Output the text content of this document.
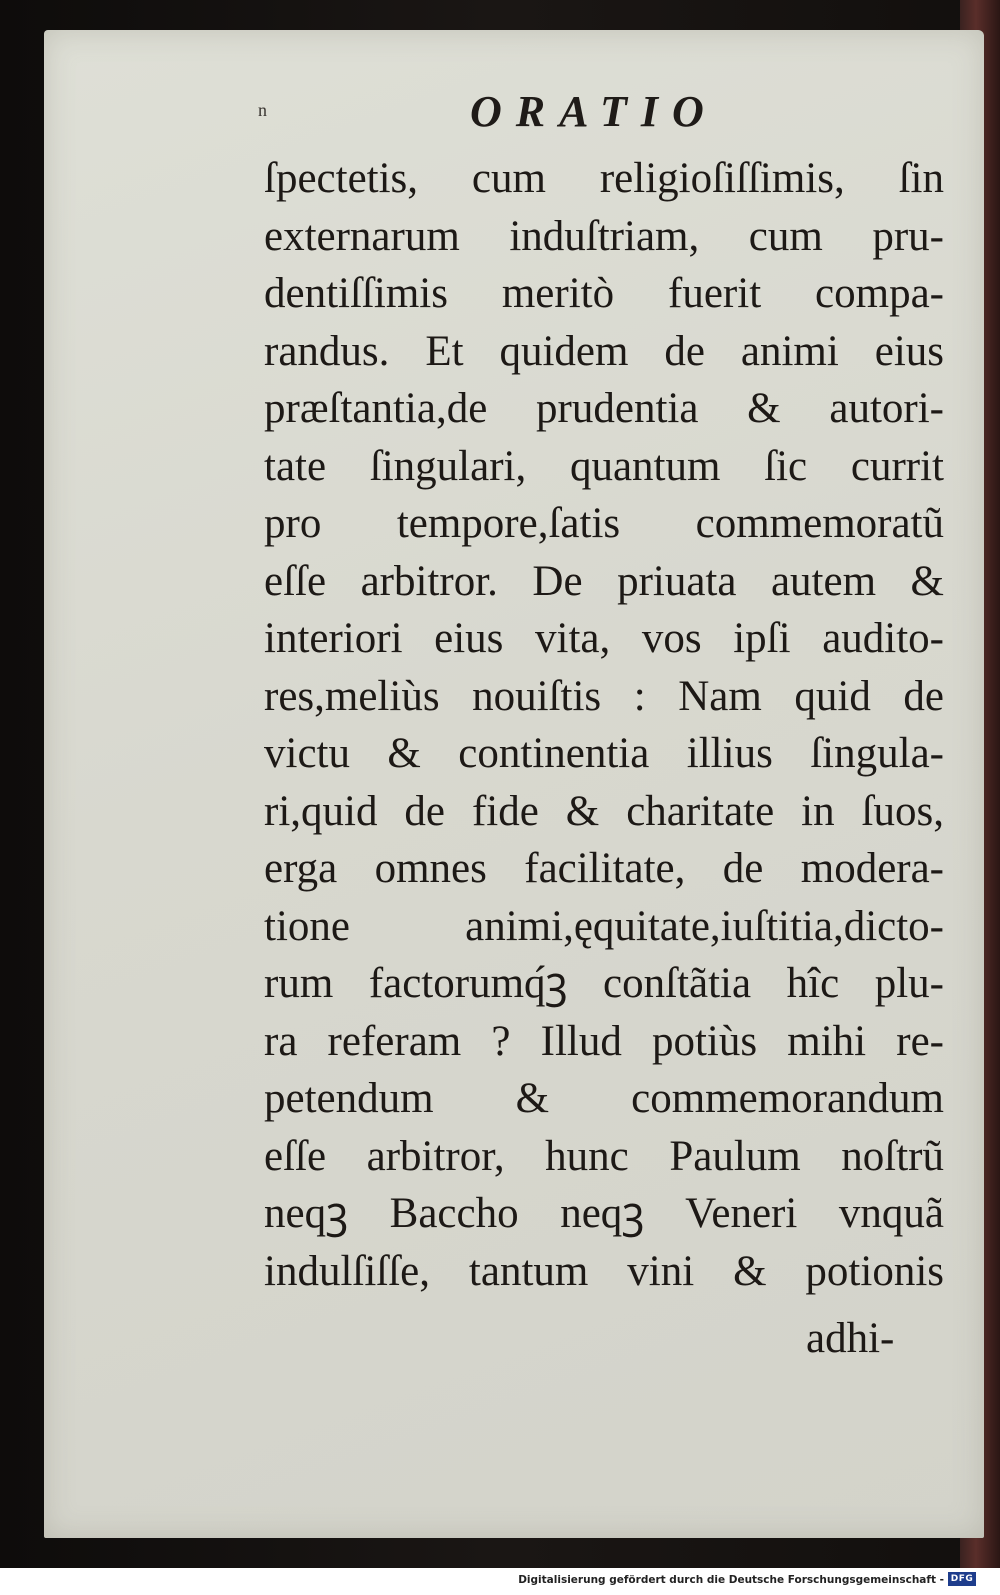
n	ORATIO
ſpectetis, cum religioſiſſimis, ſin
externarum induſtriam, cum pru-
dentiſſimis meritò fuerit compa-
randus. Et quidem de animi eius
præſtantia,de prudentia & autori-
tate ſingulari, quantum ſic currit
pro tempore,ſatis commemoratũ
eſſe arbitror. De priuata autem &
interiori eius vita, vos ipſi audito-
res,meliùs nouiſtis : Nam quid de
victu & continentia illius ſingula-
ri,quid de fide & charitate in ſuos,
erga omnes facilitate, de modera-
tione animi,ęquitate,iuſtitia,dicto-
rum factorumq́ꝫ conſtãtia hîc plu-
ra referam ? Illud potiùs mihi re-
petendum & commemorandum
eſſe arbitror, hunc Paulum noſtrũ
neqꝫ Baccho neqꝫ Veneri vnquã
indulſiſſe, tantum vini & potionis
adhi-
Digitalisierung gefördert durch die Deutsche Forschungsgemeinschaft - DFG
